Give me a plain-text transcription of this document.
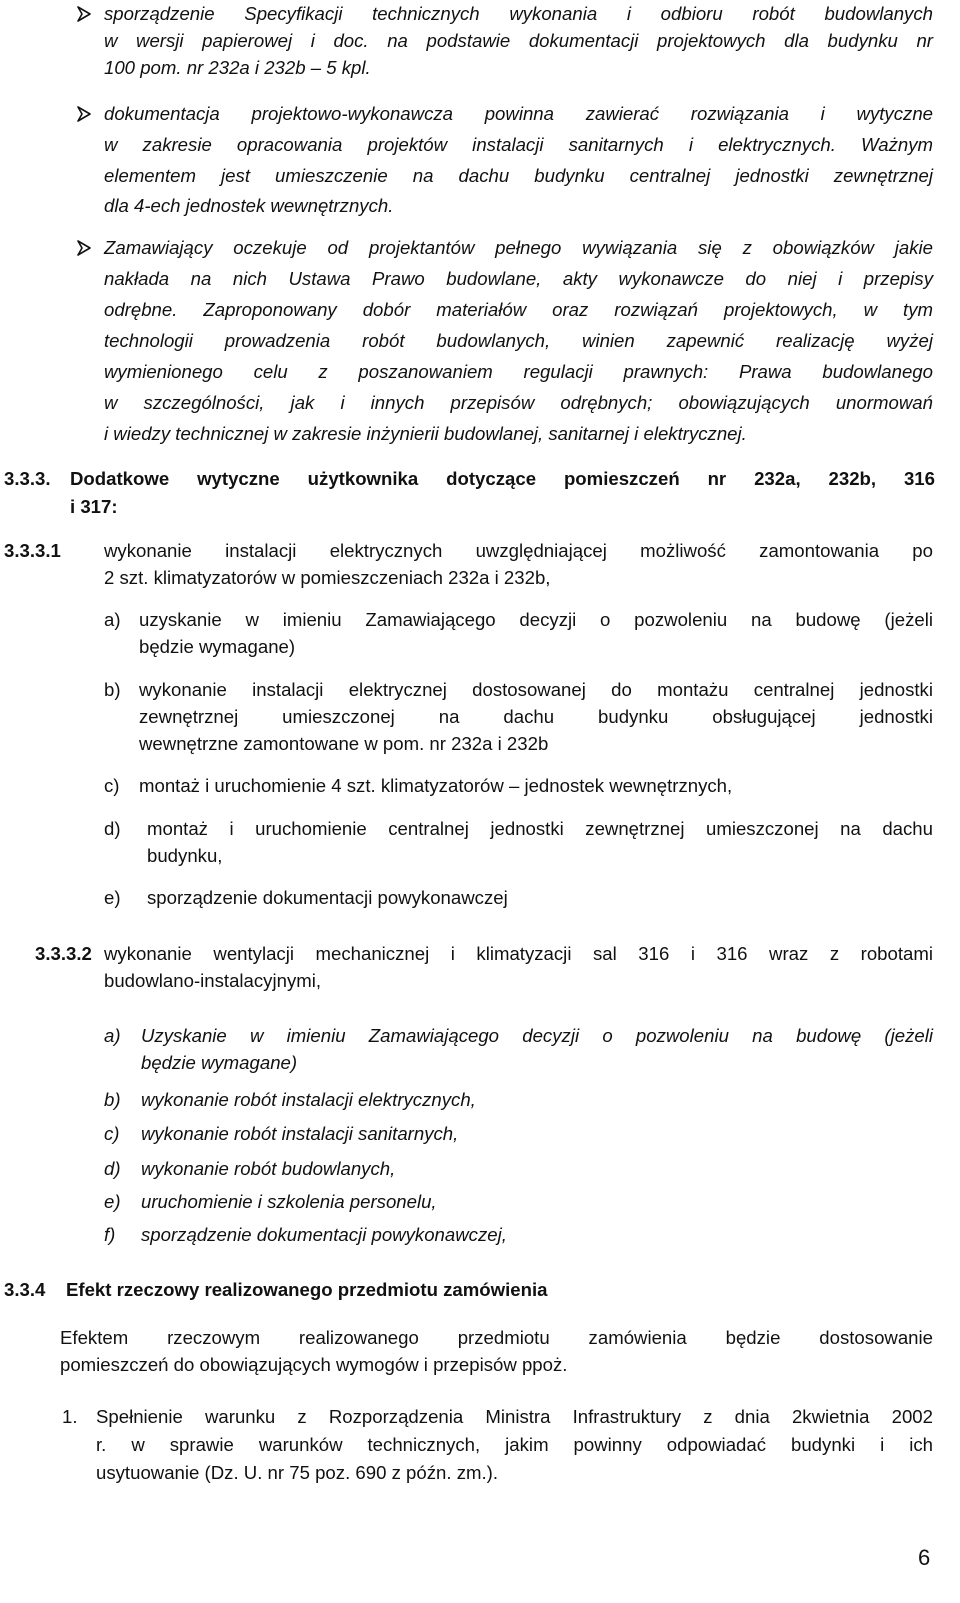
sporządzenie Specyfikacji technicznych wykonania i odbioru robót budowlanych
w wersji papierowej i doc. na podstawie dokumentacji projektowych dla budynku nr
100 pom. nr 232a i 232b – 5 kpl.
dokumentacja projektowo-wykonawcza powinna zawierać rozwiązania i wytyczne
w zakresie opracowania projektów instalacji sanitarnych i elektrycznych. Ważnym
elementem jest umieszczenie na dachu budynku centralnej jednostki zewnętrznej
dla 4-ech jednostek wewnętrznych.
Zamawiający oczekuje od projektantów pełnego wywiązania się z obowiązków jakie
nakłada na nich Ustawa Prawo budowlane, akty wykonawcze do niej i przepisy
odrębne. Zaproponowany dobór materiałów oraz rozwiązań projektowych, w tym
technologii prowadzenia robót budowlanych, winien zapewnić realizację wyżej
wymienionego celu z poszanowaniem regulacji prawnych: Prawa budowlanego
w szczególności, jak i innych przepisów odrębnych; obowiązujących unormowań
i wiedzy technicznej w zakresie inżynierii budowlanej, sanitarnej i elektrycznej.
3.3.3. Dodatkowe wytyczne użytkownika dotyczące pomieszczeń nr 232a, 232b, 316
i 317:
3.3.3.1 wykonanie instalacji elektrycznych uwzględniającej możliwość zamontowania po
2 szt. klimatyzatorów w pomieszczeniach 232a i 232b,
a) uzyskanie w imieniu Zamawiającego decyzji o pozwoleniu na budowę (jeżeli
będzie wymagane)
b) wykonanie instalacji elektrycznej dostosowanej do montażu centralnej jednostki
zewnętrznej umieszczonej na dachu budynku obsługującej jednostki
wewnętrzne zamontowane w pom. nr 232a i 232b
c) montaż i uruchomienie 4 szt. klimatyzatorów – jednostek wewnętrznych,
d) montaż i uruchomienie centralnej jednostki zewnętrznej umieszczonej na dachu
budynku,
e) sporządzenie dokumentacji powykonawczej
3.3.3.2 wykonanie wentylacji mechanicznej i klimatyzacji sal 316 i 316 wraz z robotami
budowlano-instalacyjnymi,
a) Uzyskanie w imieniu Zamawiającego decyzji o pozwoleniu na budowę (jeżeli
będzie wymagane)
b) wykonanie robót instalacji elektrycznych,
c) wykonanie robót instalacji sanitarnych,
d) wykonanie robót budowlanych,
e) uruchomienie i szkolenia personelu,
f) sporządzenie dokumentacji powykonawczej,
3.3.4 Efekt rzeczowy realizowanego przedmiotu zamówienia
Efektem rzeczowym realizowanego przedmiotu zamówienia będzie dostosowanie
pomieszczeń do obowiązujących wymogów i przepisów ppoż.
1. Spełnienie warunku z Rozporządzenia Ministra Infrastruktury z dnia 2kwietnia 2002
r. w sprawie warunków technicznych, jakim powinny odpowiadać budynki i ich
usytuowanie (Dz. U. nr 75 poz. 690 z późn. zm.).
6
